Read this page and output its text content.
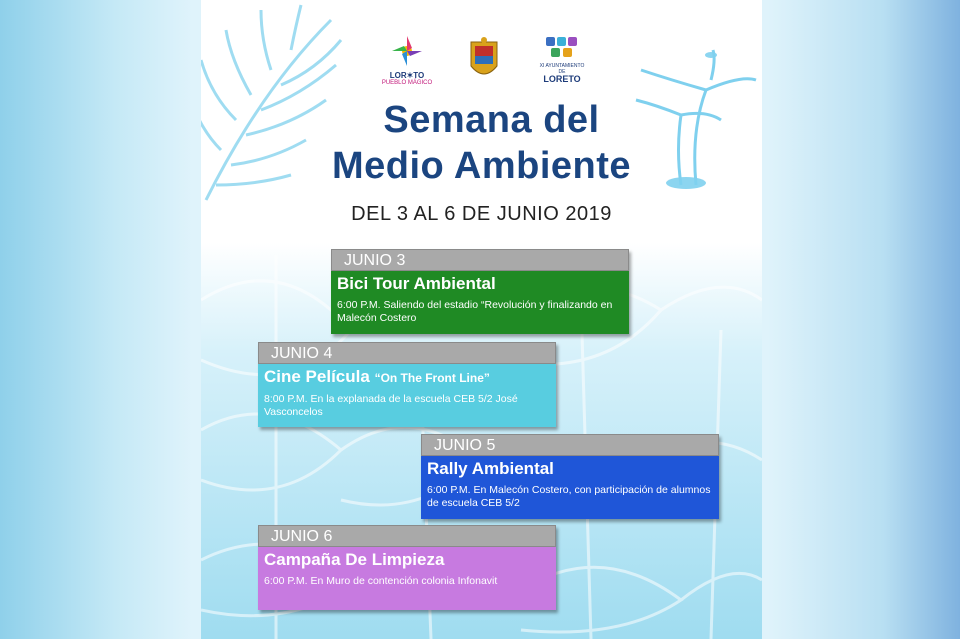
LOR✶TO
PUEBLO MÁGICO
XI AYUNTAMIENTO DE
LORETO
Semana del
Medio Ambiente
DEL 3 AL 6 DE JUNIO 2019
JUNIO 3
Bici Tour Ambiental
6:00 P.M. Saliendo del estadio “Revolución y finalizando en Malecón Costero
JUNIO 4
Cine Película “On The Front Line”
8:00 P.M. En la explanada de la escuela CEB 5/2 José Vasconcelos
JUNIO 5
Rally Ambiental
6:00 P.M. En Malecón Costero, con participación de alumnos de escuela CEB 5/2
JUNIO 6
Campaña De Limpieza
6:00 P.M. En Muro de contención colonia Infonavit
